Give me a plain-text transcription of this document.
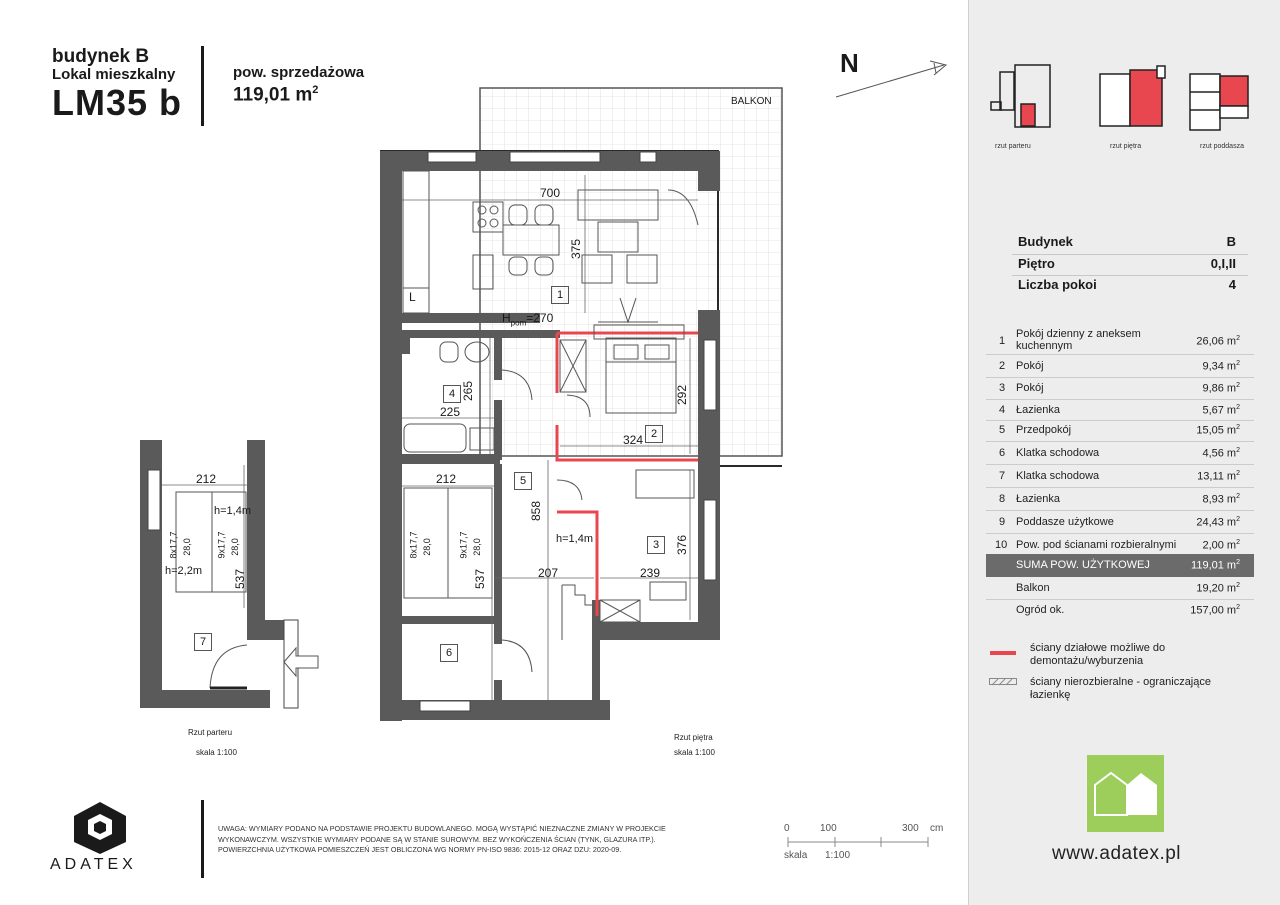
budynek B
Lokal mieszkalny
LM35 b
pow. sprzedażowa
119,01 $m^2$
N
rzut parteru	rzut piętra	rzut poddasza
Budynek	B
Piętro	0,I,II
Liczba pokoi	4
1
Pokój dzienny z aneksem kuchennym	26,06 $m^2$
2 Pokój	9,34 $m^2$
3 Pokój	9,86 $m^2$
4 Łazienka	5,67 $m^2$
5 Przedpokój	15,05 $m^2$
6 Klatka schodowa	4,56 $m^2$
7 Klatka schodowa	13,11 $m^2$
8 Łazienka	8,93 $m^2$
9 Poddasze użytkowe	24,43 $m^2$
10 Pow. pod ścianami rozbieralnymi	2,00 $m^2$
SUMA POW. UŻYTKOWEJ	119,01 $m^2$
Balkon	19,20 $m^2$
Ogród ok.	157,00 $m^2$
ściany działowe możliwe do demontażu/wyburzenia
ściany nierozbieralne - ograniczające łazienkę
www.adatex.pl
BALKON
700
375
$H_{pom}=270$
L
265
225
292
324
212	212
858
207	239
376
537	537
h=1,4m
h=2,2m
h=1,4m
8x17,7 28,0	9x17,7 28,0	8x17,7 28,0	9x17,7 28,0
1
2
3
4
5
6
7
Rzut parteru
skala 1:100
Rzut piętra
skala 1:100
ADATEX
UWAGA: WYMIARY PODANO NA PODSTAWIE PROJEKTU BUDOWLANEGO. MOGĄ WYSTĄPIĆ NIEZNACZNE ZMIANY W PROJEKCIE
WYKONAWCZYM. WSZYSTKIE WYMIARY PODANE SĄ W STANIE SUROWYM. BEZ WYKOŃCZENIA ŚCIAN (TYNK, GLAZURA ITP.).
POWIERZCHNIA UŻYTKOWA POMIESZCZEŃ JEST OBLICZONA WG NORMY PN-ISO 9836: 2015-12 ORAZ DZU: 2020-09.
0	100	300 cm
skala 1:100
